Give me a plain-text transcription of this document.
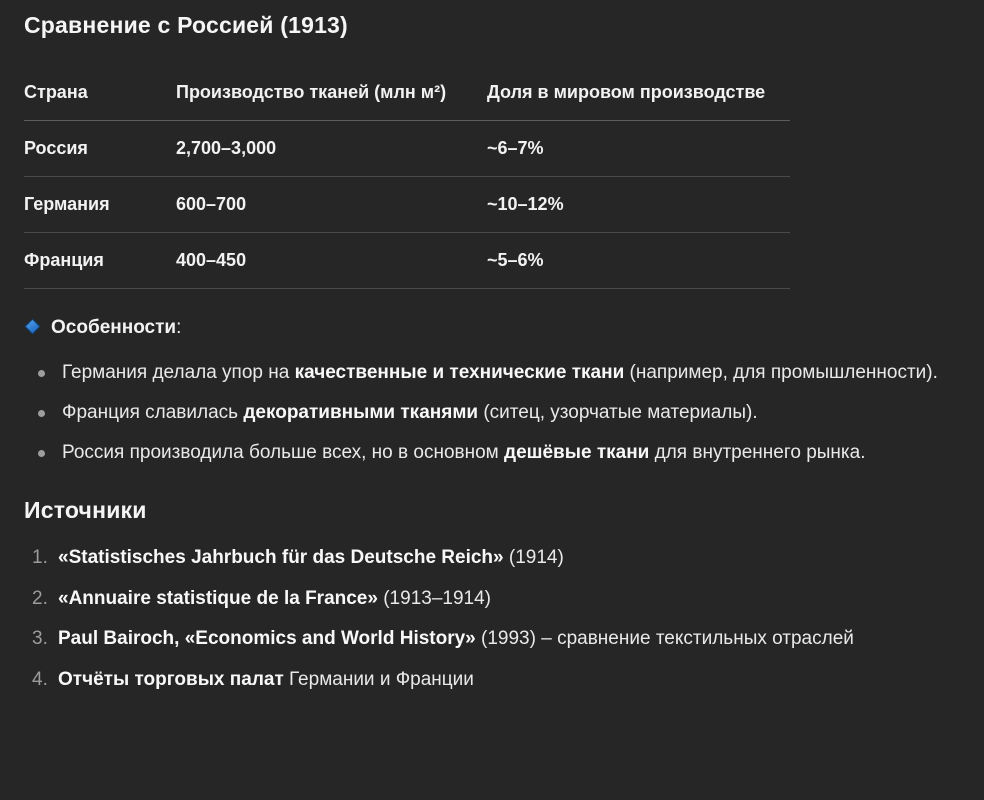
Сравнение с Россией (1913)
Страна	Производство тканей (млн м²)	Доля в мировом производстве
Россия	2,700–3,000	~6–7%
Германия	600–700	~10–12%
Франция	400–450	~5–6%
Особенности:
Германия делала упор на качественные и технические ткани (например, для промышленности).
Франция славилась декоративными тканями (ситец, узорчатые материалы).
Россия производила больше всех, но в основном дешёвые ткани для внутреннего рынка.
Источники
1. «Statistisches Jahrbuch für das Deutsche Reich» (1914)
2. «Annuaire statistique de la France» (1913–1914)
3. Paul Bairoch, «Economics and World History» (1993) – сравнение текстильных отраслей
4. Отчёты торговых палат Германии и Франции
